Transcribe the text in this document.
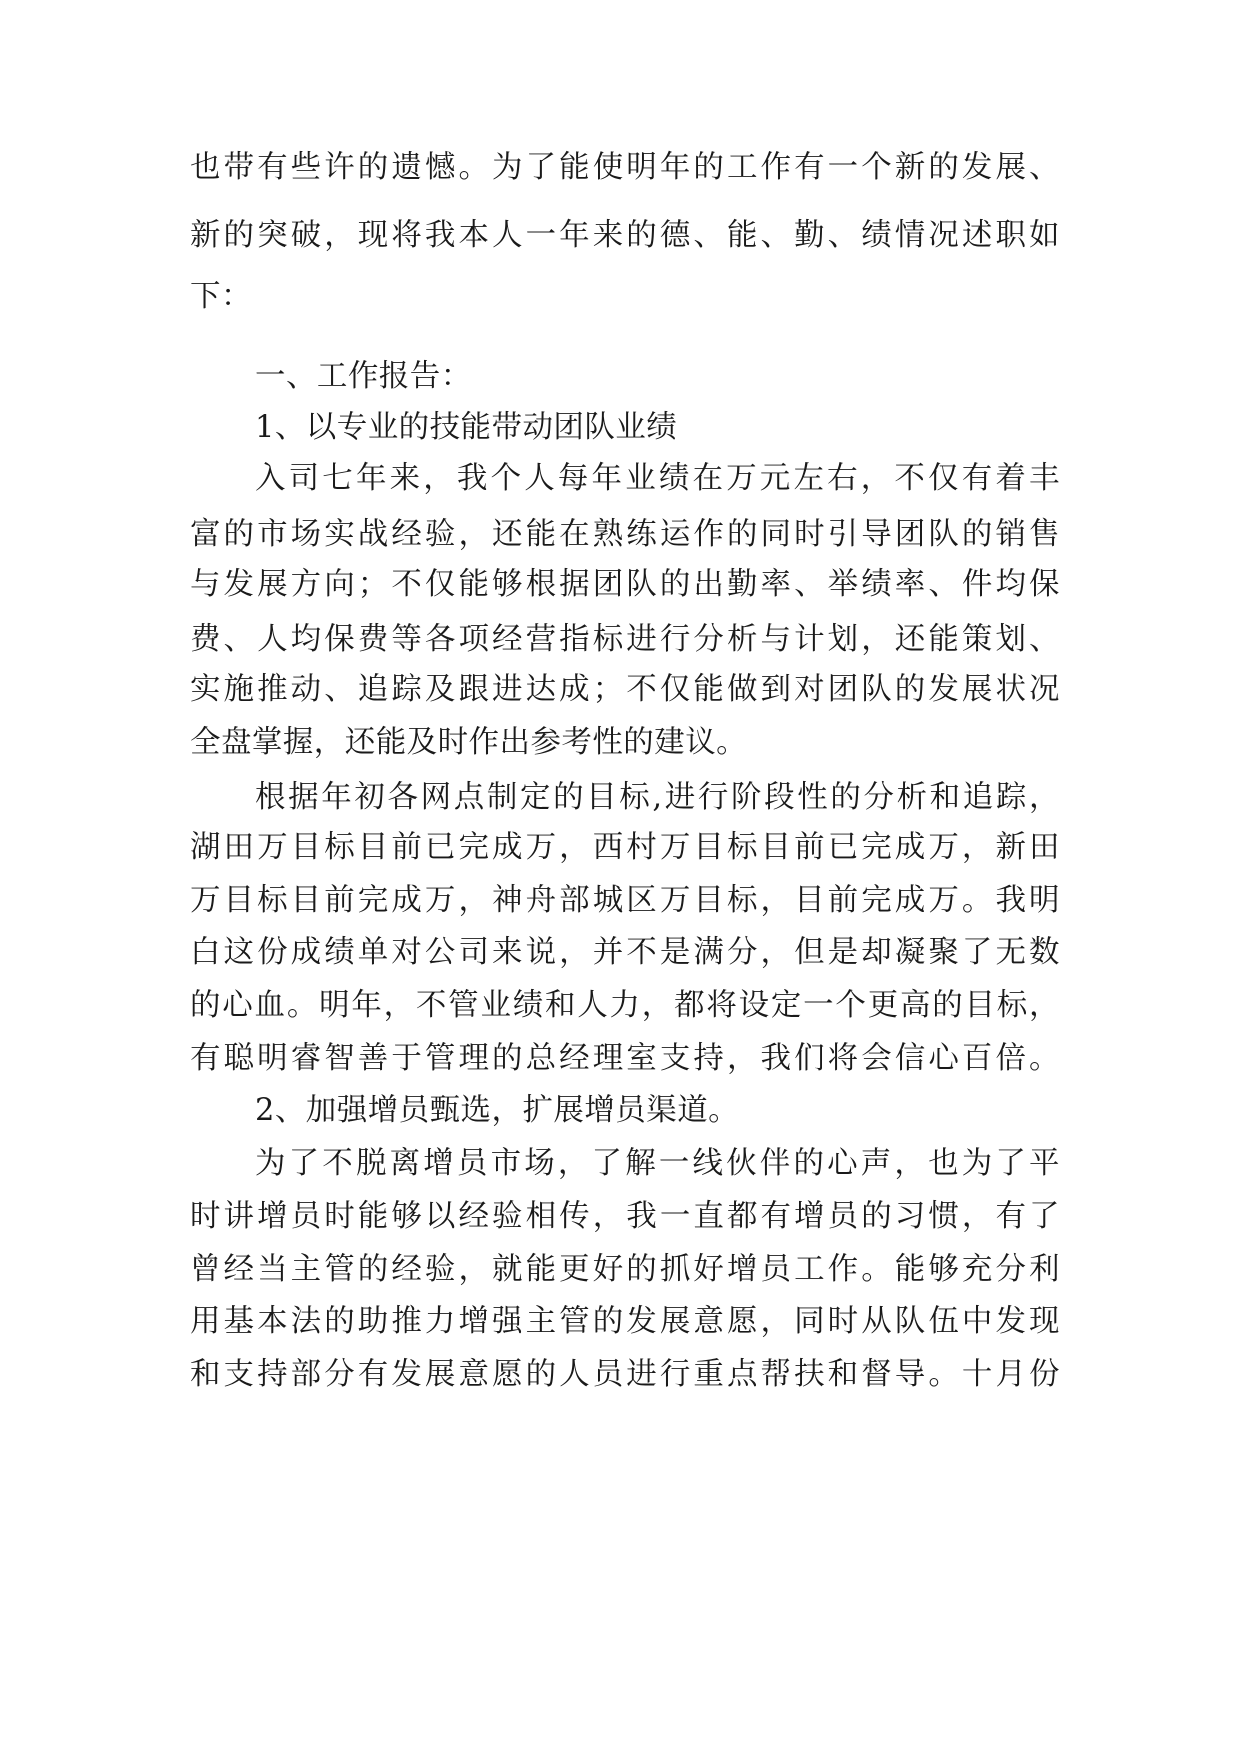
也带有些许的遗憾。为了能使明年的工作有一个新的发展、
新的突破，现将我本人一年来的德、能、勤、绩情况述职如
下：
一、工作报告：
1、以专业的技能带动团队业绩
入司七年来，我个人每年业绩在万元左右，不仅有着丰
富的市场实战经验，还能在熟练运作的同时引导团队的销售
与发展方向；不仅能够根据团队的出勤率、举绩率、件均保
费、人均保费等各项经营指标进行分析与计划，还能策划、
实施推动、追踪及跟进达成；不仅能做到对团队的发展状况
全盘掌握，还能及时作出参考性的建议。
根据年初各网点制定的目标,进行阶段性的分析和追踪，
湖田万目标目前已完成万，西村万目标目前已完成万，新田
万目标目前完成万，神舟部城区万目标，目前完成万。我明
白这份成绩单对公司来说，并不是满分，但是却凝聚了无数
的心血。明年，不管业绩和人力，都将设定一个更高的目标，
有聪明睿智善于管理的总经理室支持，我们将会信心百倍。
2、加强增员甄选，扩展增员渠道。
为了不脱离增员市场，了解一线伙伴的心声，也为了平
时讲增员时能够以经验相传，我一直都有增员的习惯，有了
曾经当主管的经验，就能更好的抓好增员工作。能够充分利
用基本法的助推力增强主管的发展意愿，同时从队伍中发现
和支持部分有发展意愿的人员进行重点帮扶和督导。十月份
